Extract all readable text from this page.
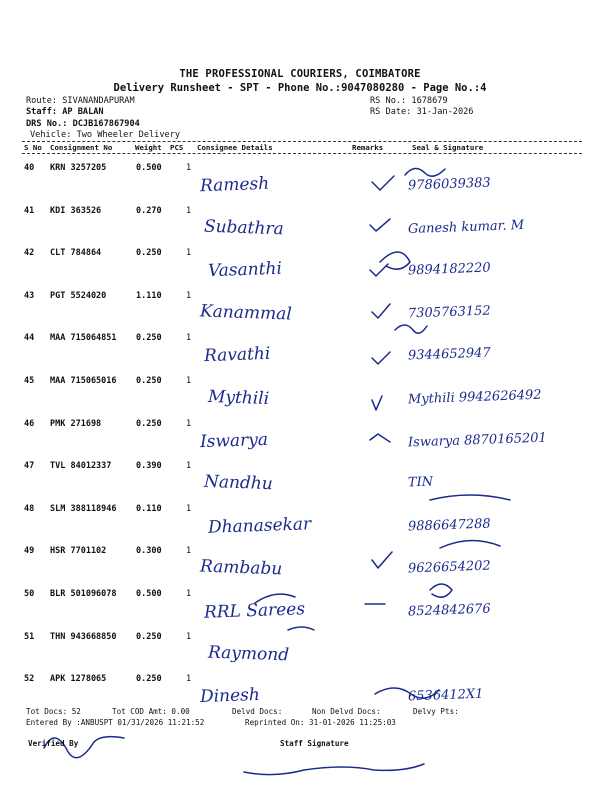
THE PROFESSIONAL COURIERS, COIMBATORE
Delivery Runsheet - SPT - Phone No.:9047080280 - Page No.:4
Route: SIVANANDAPURAM
Staff: AP BALAN
DRS No.: DCJB167867904
Vehicle: Two Wheeler Delivery
RS No.: 1678679
RS Date: 31-Jan-2026
S No Consignment No	Weight PCS Consignee Details	Remarks	Seal & Signature
40 KRN 3257205	0.500	1
Ramesh	9786039383
41 KDI 363526	0.270	1
Subathra	Ganesh kumar. M
42 CLT 784864	0.250	1
Vasanthi	9894182220
43 PGT 5524020	1.110	1
Kanammal	7305763152
44 MAA 715064851 0.250	1
Ravathi	9344652947
45 MAA 715065016 0.250	1
Mythili	Mythili 9942626492
46 PMK 271698	0.250	1
Iswarya	Iswarya 8870165201
47 TVL 84012337	0.390	1
Nandhu	TIN
48 SLM 388118946 0.110	1
Dhanasekar	9886647288
49 HSR 7701102	0.300	1
Rambabu	9626654202
50 BLR 501096078 0.500	1
RRL Sarees	8524842676
51 THN 943668850 0.250	1
Raymond
52 APK 1278065	0.250	1
Dinesh	6536412X1
Tot Docs: 52	Tot COD Amt: 0.00	Delvd Docs:	Non Delvd Docs:	Delvy Pts:
Entered By :ANBUSPT 01/31/2026 11:21:52	Reprinted On: 31-01-2026 11:25:03
Verified By	Staff Signature
